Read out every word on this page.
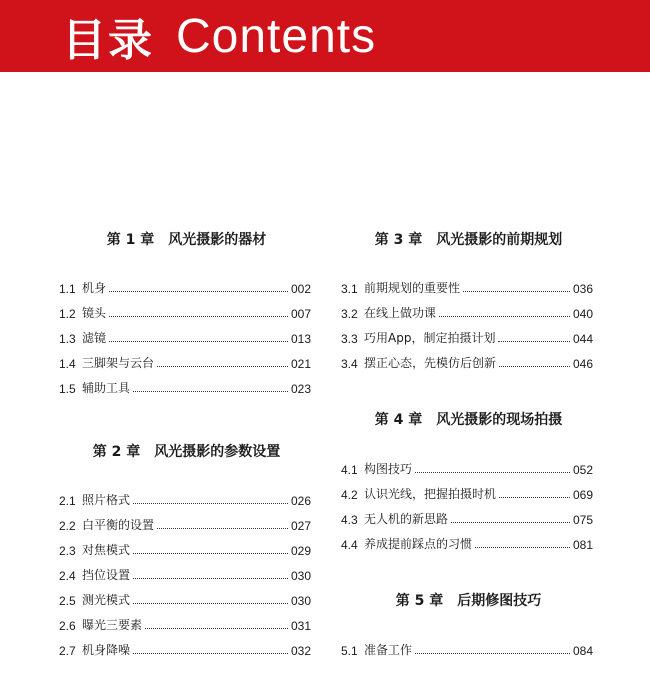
目录 Contents
第 1 章 风光摄影的器材
1.1 机身	002
1.2 镜头	007
1.3 滤镜	013
1.4 三脚架与云台	021
1.5 辅助工具	023
第 2 章 风光摄影的参数设置
2.1 照片格式	026
2.2 白平衡的设置	027
2.3 对焦模式	029
2.4 挡位设置	030
2.5 测光模式	030
2.6 曝光三要素	031
2.7 机身降噪	032
第 3 章 风光摄影的前期规划
3.1 前期规划的重要性	036
3.2 在线上做功课	040
3.3 巧用App，制定拍摄计划	044
3.4 摆正心态，先模仿后创新	046
第 4 章 风光摄影的现场拍摄
4.1 构图技巧	052
4.2 认识光线，把握拍摄时机	069
4.3 无人机的新思路	075
4.4 养成提前踩点的习惯	081
第 5 章 后期修图技巧
5.1 准备工作	084
